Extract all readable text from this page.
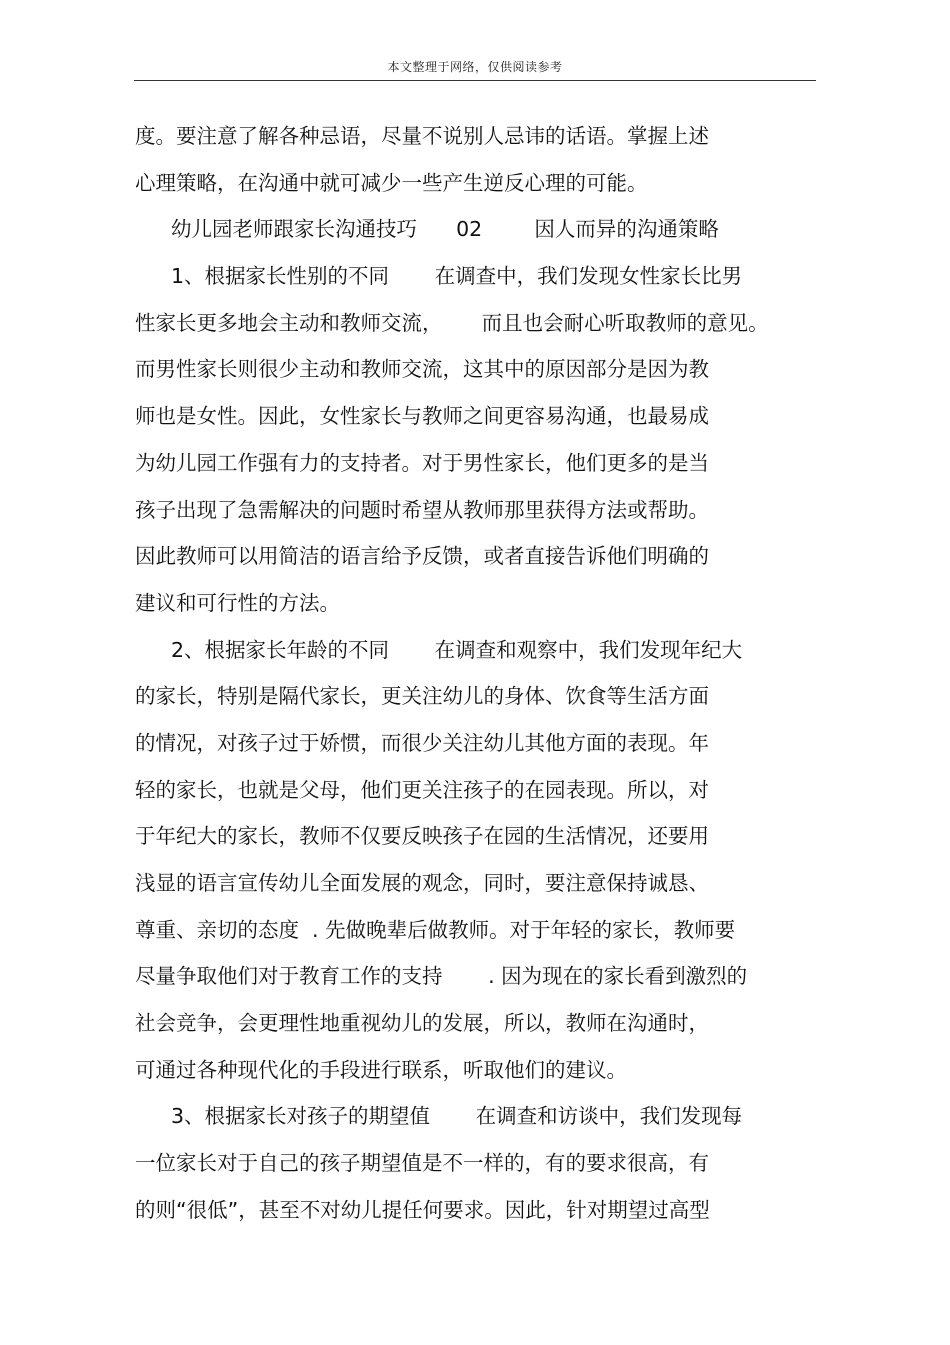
本文整理于网络，仅供阅读参考
度。要注意了解各种忌语，尽量不说别人忌讳的话语。掌握上述
心理策略，在沟通中就可减少一些产生逆反心理的可能。
幼儿园老师跟家长沟通技巧      02        因人而异的沟通策略
1、根据家长性别的不同       在调查中，我们发现女性家长比男
性家长更多地会主动和教师交流，      而且也会耐心听取教师的意见。
而男性家长则很少主动和教师交流，这其中的原因部分是因为教
师也是女性。因此，女性家长与教师之间更容易沟通，也最易成
为幼儿园工作强有力的支持者。对于男性家长，他们更多的是当
孩子出现了急需解决的问题时希望从教师那里获得方法或帮助。
因此教师可以用简洁的语言给予反馈，或者直接告诉他们明确的
建议和可行性的方法。
2、根据家长年龄的不同       在调查和观察中，我们发现年纪大
的家长，特别是隔代家长，更关注幼儿的身体、饮食等生活方面
的情况，对孩子过于娇惯，而很少关注幼儿其他方面的表现。年
轻的家长，也就是父母，他们更关注孩子的在园表现。所以，对
于年纪大的家长，教师不仅要反映孩子在园的生活情况，还要用
浅显的语言宣传幼儿全面发展的观念，同时，要注意保持诚恳、
尊重、亲切的态度  . 先做晚辈后做教师。对于年轻的家长，教师要
尽量争取他们对于教育工作的支持       . 因为现在的家长看到激烈的
社会竞争，会更理性地重视幼儿的发展，所以，教师在沟通时，
可通过各种现代化的手段进行联系，听取他们的建议。
3、根据家长对孩子的期望值       在调查和访谈中，我们发现每
一位家长对于自己的孩子期望值是不一样的，有的要求很高，有
的则“很低”，甚至不对幼儿提任何要求。因此，针对期望过高型
